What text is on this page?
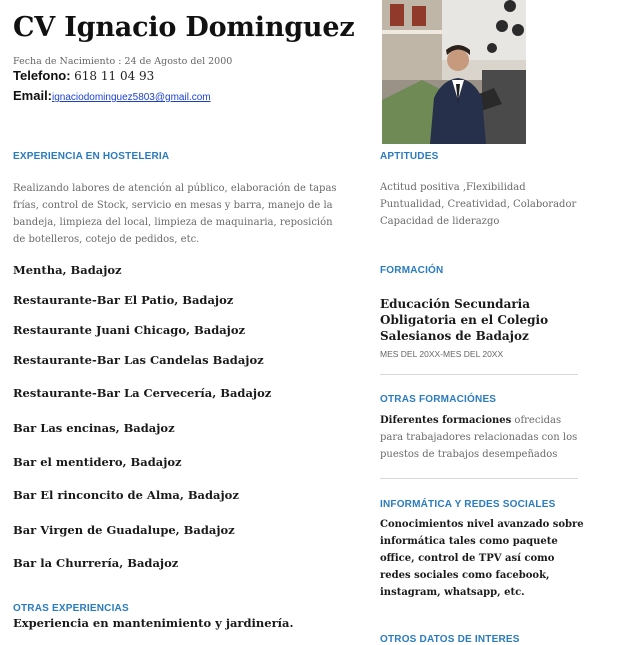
CV Ignacio Dominguez
Fecha de Nacimiento : 24 de Agosto del 2000
Telefono: 618 11 04 93
Email:ignaciodominguez5803@gmail.com
EXPERIENCIA EN HOSTELERIA
Realizando labores de atención al público, elaboración de tapas frías, control de Stock, servicio en mesas y barra, manejo de la bandeja, limpieza del local, limpieza de maquinaria, reposición de botelleros, cotejo de pedidos, etc.
Mentha, Badajoz
Restaurante-Bar El Patio, Badajoz
Restaurante Juani Chicago, Badajoz
Restaurante-Bar Las Candelas Badajoz
Restaurante-Bar La Cervecería, Badajoz
Bar Las encinas, Badajoz
Bar el mentidero, Badajoz
Bar El rinconcito de Alma, Badajoz
Bar Virgen de Guadalupe, Badajoz
Bar la Churrería, Badajoz
OTRAS EXPERIENCIAS
Experiencia en mantenimiento y jardinería.
APTITUDES
Actitud positiva ,Flexibilidad
Puntualidad, Creatividad, Colaborador
Capacidad de liderazgo
FORMACIÓN
Educación Secundaria Obligatoria en el Colegio Salesianos de Badajoz
MES DEL 20XX-MES DEL 20XX
OTRAS FORMACIÓNES
Diferentes formaciones ofrecidas para trabajadores relacionadas con los puestos de trabajos desempeñados
INFORMÁTICA Y REDES SOCIALES
Conocimientos nivel avanzado sobre informática tales como paquete office, control de TPV así como redes sociales como facebook, instagram, whatsapp, etc.
OTROS DATOS DE INTERES
